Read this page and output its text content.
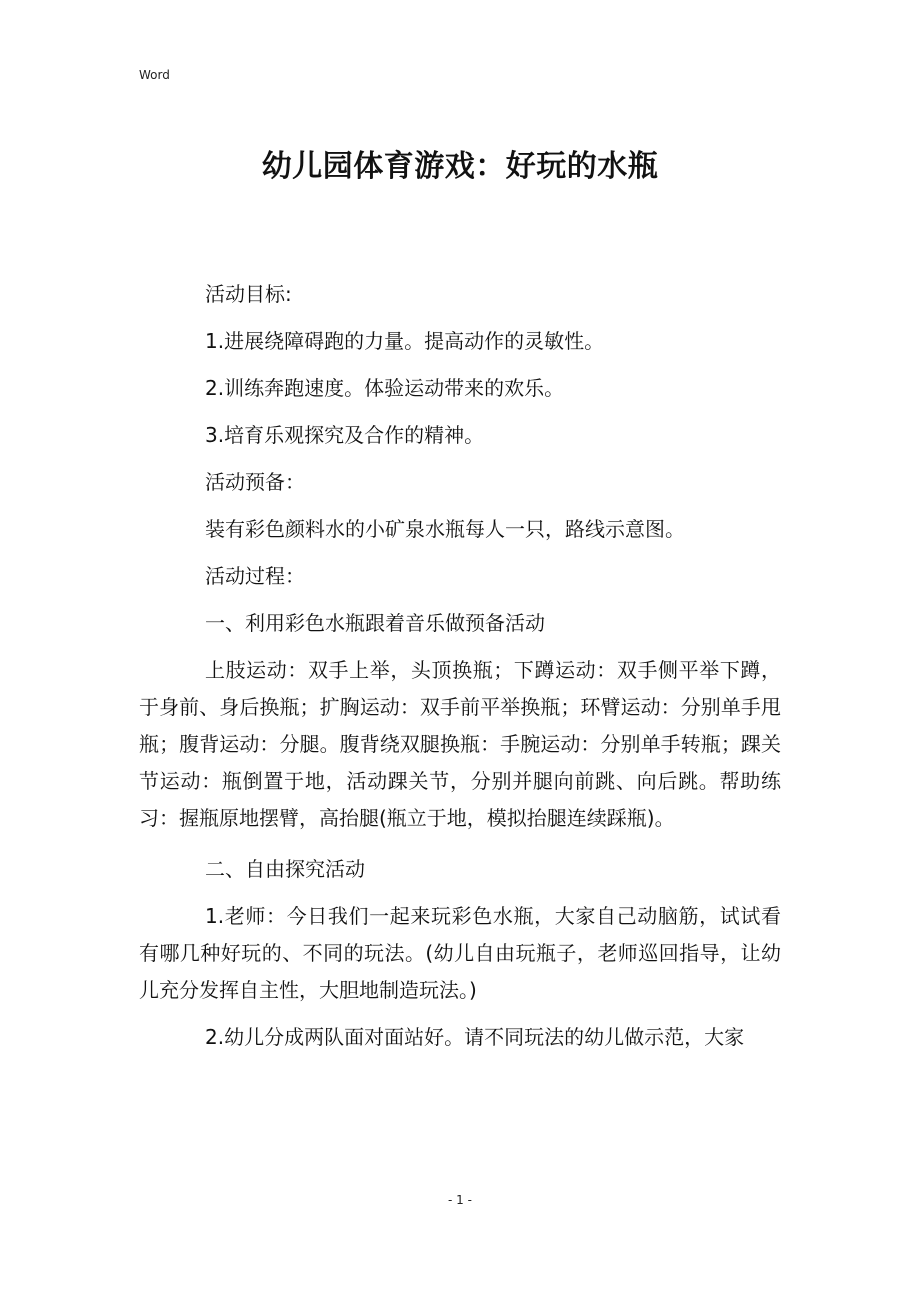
Word
幼儿园体育游戏：好玩的水瓶

活动目标:

1.进展绕障碍跑的力量。提高动作的灵敏性。

2.训练奔跑速度。体验运动带来的欢乐。

3.培育乐观探究及合作的精神。

活动预备：

装有彩色颜料水的小矿泉水瓶每人一只，路线示意图。

活动过程：

一、利用彩色水瓶跟着音乐做预备活动

上肢运动：双手上举，头顶换瓶；下蹲运动：双手侧平举下蹲，于身前、身后换瓶；扩胸运动：双手前平举换瓶；环臂运动：分别单手甩瓶；腹背运动：分腿。腹背绕双腿换瓶：手腕运动：分别单手转瓶；踝关节运动：瓶倒置于地，活动踝关节，分别并腿向前跳、向后跳。帮助练习：握瓶原地摆臂，高抬腿(瓶立于地，模拟抬腿连续踩瓶)。

二、自由探究活动

1.老师：今日我们一起来玩彩色水瓶，大家自己动脑筋，试试看有哪几种好玩的、不同的玩法。(幼儿自由玩瓶子，老师巡回指导，让幼儿充分发挥自主性，大胆地制造玩法。)

2.幼儿分成两队面对面站好。请不同玩法的幼儿做示范，大家

- 1 -
